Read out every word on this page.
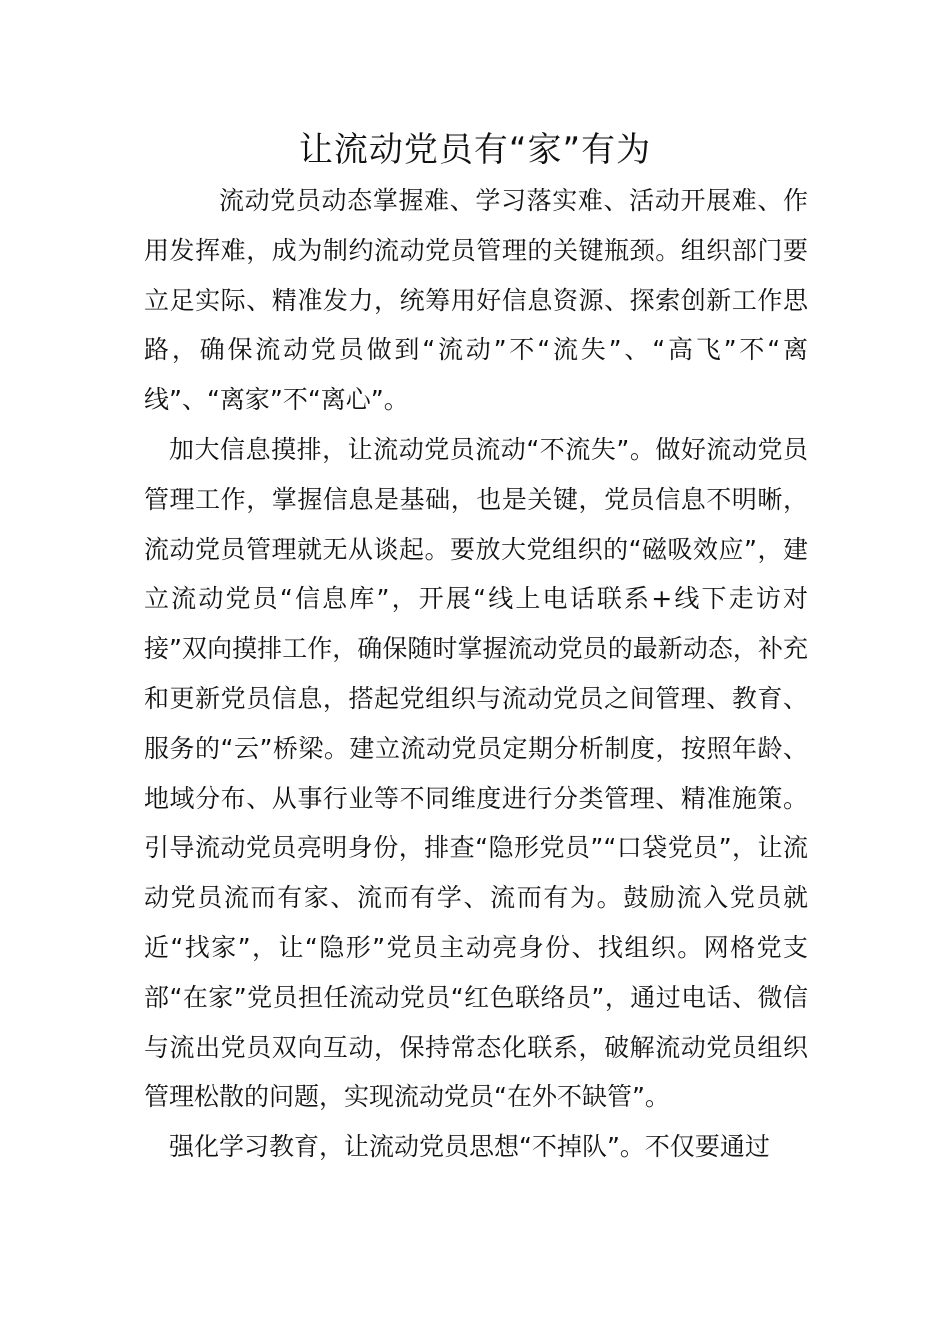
让流动党员有“家”有为

流动党员动态掌握难、学习落实难、活动开展难、作用发挥难，成为制约流动党员管理的关键瓶颈。组织部门要立足实际、精准发力，统筹用好信息资源、探索创新工作思路，确保流动党员做到“流动”不“流失”、“高飞”不“离线”、“离家”不“离心”。

加大信息摸排，让流动党员流动“不流失”。做好流动党员管理工作，掌握信息是基础，也是关键，党员信息不明晰，流动党员管理就无从谈起。要放大党组织的“磁吸效应”，建立流动党员“信息库”，开展“线上电话联系+线下走访对接”双向摸排工作，确保随时掌握流动党员的最新动态，补充和更新党员信息，搭起党组织与流动党员之间管理、教育、服务的“云”桥梁。建立流动党员定期分析制度，按照年龄、地域分布、从事行业等不同维度进行分类管理、精准施策。引导流动党员亮明身份，排查“隐形党员”“口袋党员”，让流动党员流而有家、流而有学、流而有为。鼓励流入党员就近“找家”，让“隐形”党员主动亮身份、找组织。网格党支部“在家”党员担任流动党员“红色联络员”，通过电话、微信与流出党员双向互动，保持常态化联系，破解流动党员组织管理松散的问题，实现流动党员“在外不缺管”。

强化学习教育，让流动党员思想“不掉队”。不仅要通过
